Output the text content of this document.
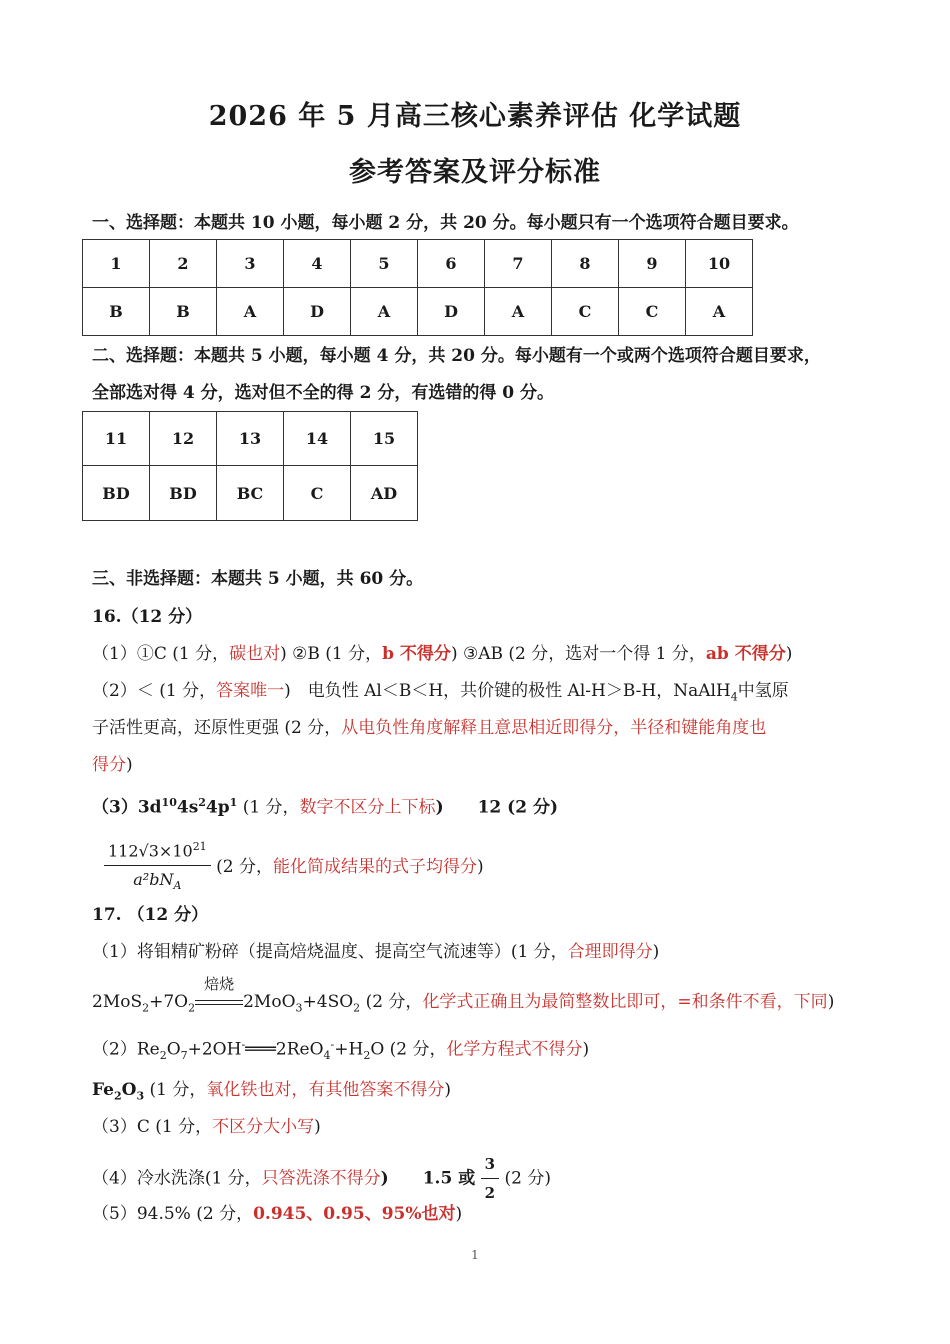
2026 年 5 月高三核心素养评估 化学试题
参考答案及评分标准
一、选择题：本题共 10 小题，每小题 2 分，共 20 分。每小题只有一个选项符合题目要求。
1	2	3	4	5	6	7	8	9	10
B	B	A	D	A	D	A	C	C	A
二、选择题：本题共 5 小题，每小题 4 分，共 20 分。每小题有一个或两个选项符合题目要求，
全部选对得 4 分，选对但不全的得 2 分，有选错的得 0 分。
11	12	13	14	15
BD	BD	BC	C	AD
三、非选择题：本题共 5 小题，共 60 分。
16.（12 分）
（1）①C (1 分，碳也对) ②B (1 分，b 不得分) ③AB (2 分，选对一个得 1 分，ab 不得分)
（2）＜ (1 分，答案唯一)　电负性 Al＜B＜H，共价键的极性 Al-H＞B-H，NaAlH$_4$中氢原
子活性更高，还原性更强 (2 分，从电负性角度解释且意思相近即得分，半径和键能角度也
得分)
$(3)3d^{10}4s^24p^1$ (1 分，数字不区分上下标)　　12 (2 分)
$\frac{112√3\times 10^{21}}{a^2bN_A} (2$ 分，能化简成结果的式子均得分)
17. （12 分）
（1）将钼精矿粉碎（提高焙烧温度、提高空气流速等）(1 分，合理即得分)
$2MoS_2+7O_2$
焙烧
$2MoO_3+4SO_2$ (2 分，化学式正确且为最简整数比即可，=和条件不看，下同)
$(2)Re_2O_7+2OH^-═══2ReO_4^-+H_2O$ (2 分，化学方程式不得分)
$Fe_2O_3$ (1 分，氧化铁也对，有其他答案不得分)
（3）C (1 分，不区分大小写)
（4）冷水洗涤(1 分，只答洗涤不得分)　　1.5 或 $\frac{3}{2} (2$ 分)
（5）94.5% (2 分，0.945、0.95、95%也对)
1
